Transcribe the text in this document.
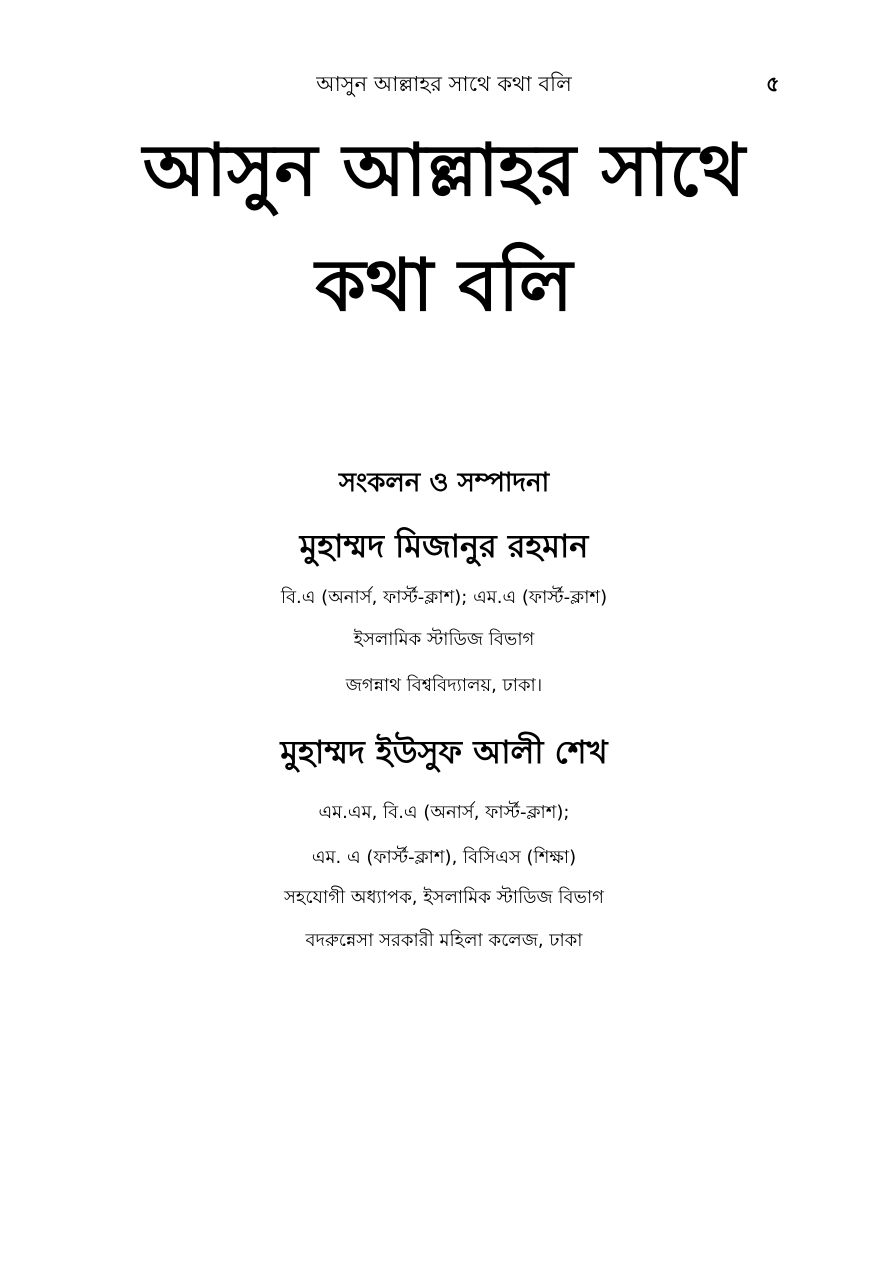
আসুন আল্লাহর সাথে কথা বলি	৫
আসুন আল্লাহর সাথে
কথা বলি
সংকলন ও সম্পাদনা
মুহাম্মদ মিজানুর রহমান
বি.এ (অনার্স, ফার্স্ট-ক্লাশ); এম.এ (ফার্স্ট-ক্লাশ)
ইসলামিক স্টাডিজ বিভাগ
জগন্নাথ বিশ্ববিদ্যালয়, ঢাকা।
মুহাম্মদ ইউসুফ আলী শেখ
এম.এম, বি.এ (অনার্স, ফার্স্ট-ক্লাশ);
এম. এ (ফার্স্ট-ক্লাশ), বিসিএস (শিক্ষা)
সহযোগী অধ্যাপক, ইসলামিক স্টাডিজ বিভাগ
বদরুন্নেসা সরকারী মহিলা কলেজ, ঢাকা
